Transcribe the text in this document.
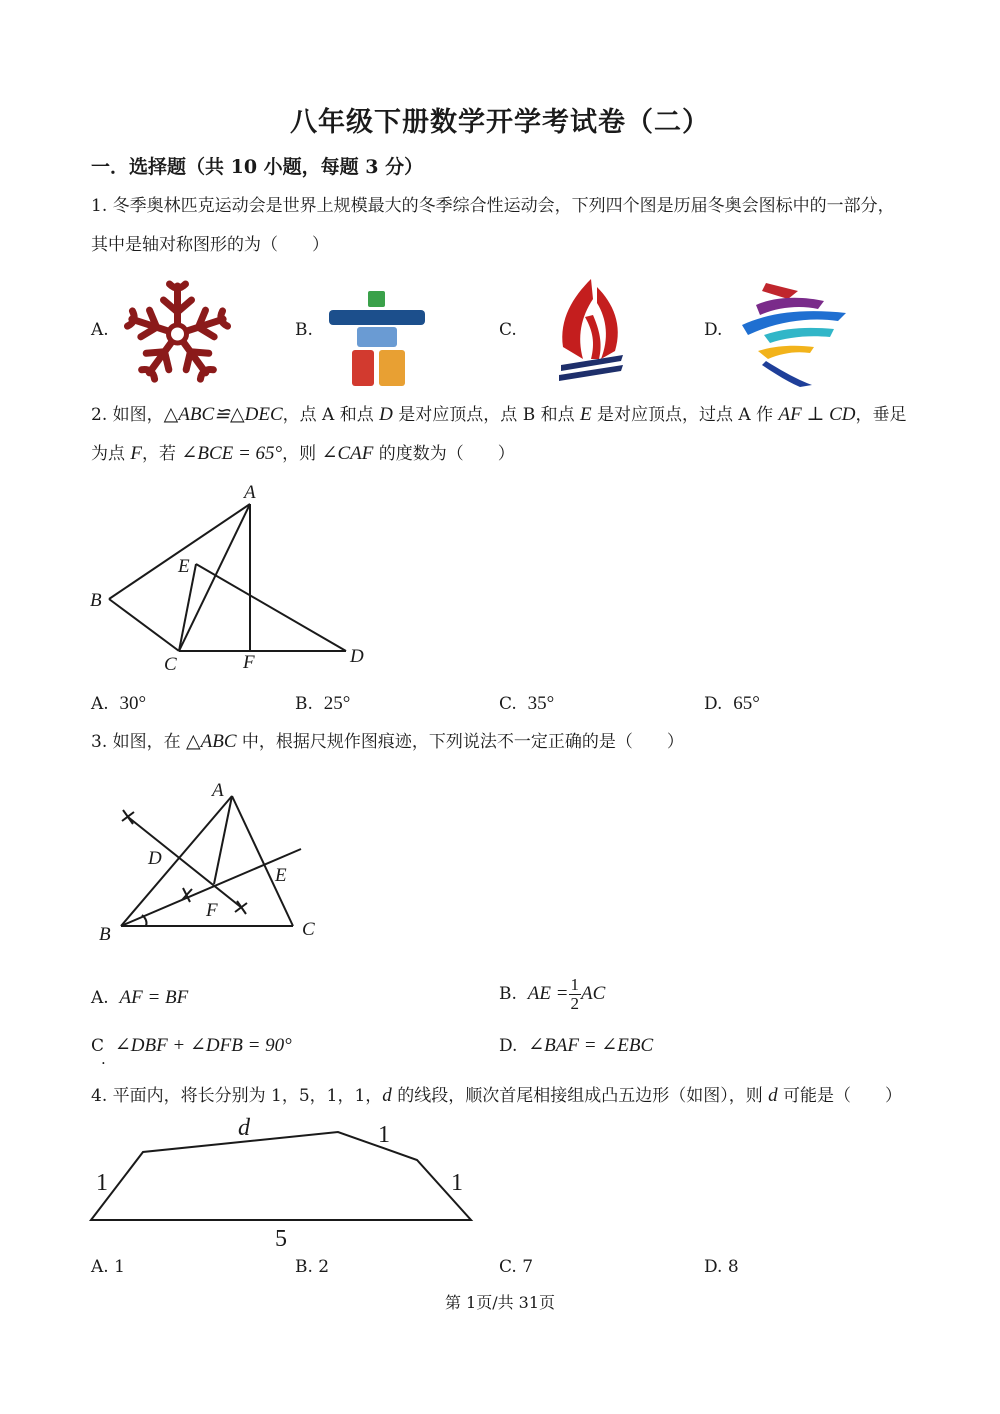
八年级下册数学开学考试卷（二）
一．选择题（共 10 小题，每题 3 分）
1. 冬季奥林匹克运动会是世界上规模最大的冬季综合性运动会，下列四个图是历届冬奥会图标中的一部分，
其中是轴对称图形的为（　　）
A.	B.	C.	D.
2. 如图，△ABC≌△DEC，点 A 和点 D 是对应顶点，点 B 和点 E 是对应顶点，过点 A 作 AF ⊥ CD，垂足
为点 F，若 ∠BCE = 65°，则 ∠CAF 的度数为（　　）
A
B
C	D
E
F
A. 30°	B. 25°	C. 35°	D. 65°
3. 如图，在 △ABC 中，根据尺规作图痕迹，下列说法不一定正确的是（　　）
A
B	C
D
E
F
A. AF = BF	B. AE = $\frac{1}{2}$ AC
C ∠DBF + ∠DFB = 90°
.
D. ∠BAF = ∠EBC
4. 平面内，将长分别为 1，5，1，1，d 的线段，顺次首尾相接组成凸五边形（如图），则 d 可能是（　　）
d	1
1	1
5
A. 1	B. 2	C. 7	D. 8
第 1页/共 31页
